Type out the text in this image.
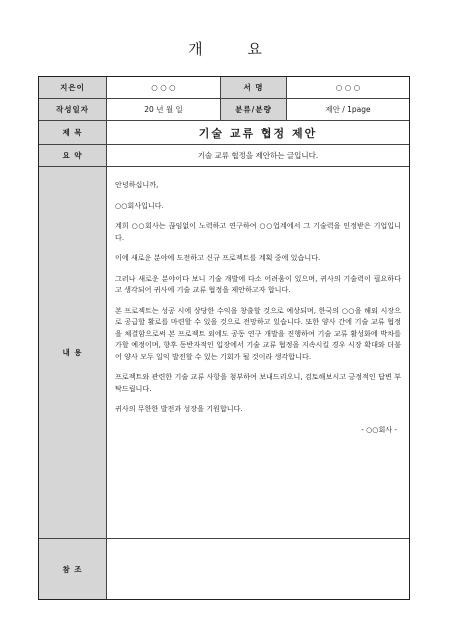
개 요
지은이	○ ○ ○	서 명	○ ○ ○
작성일자	20 년 월 일	분류/분량	제안 / 1page
제 목	기술 교류 협정 제안
요 약	기술 교류 협정을 제안하는 글입니다.
내 용

안녕하십니까,

○○회사입니다.

계희 ○○회사는 끊임없이 노력하고 연구하여 ○○업계에서 그 기술력을 인정받은 기업입니다.

이에 새로운 분야에 도전하고 신규 프로젝트를 계획 중에 있습니다.

그러나 새로운 분야이다 보니 기술 개발에 다소 어려움이 있으며, 귀사의 기술력이 필요하다고 생각되어 귀사에 기술 교류 협정을 제안하고자 합니다.

본 프로젝트는 성공 시에 상당한 수익을 창출할 것으로 예상되며, 한국의 ○○을 해외 시장으로 공급할 활로를 마련할 수 있을 것으로 전망하고 있습니다. 또한 양사 간에 기술 교류 협정을 체결함으로써 본 프로젝트 외에도 공동 연구 개발을 진행하여 기술 교류 활성화에 박차를 가할 예정이며, 향후 동반자적인 입장에서 기술 교류 협정을 지속시킬 경우 시장 확대와 더불어 양사 모두 일익 발전할 수 있는 기회가 될 것이라 생각합니다.

프로젝트와 관련한 기술 교류 사항을 첨부하여 보내드리오니, 검토해보시고 긍정적인 답변 부탁드립니다.

귀사의 무한한 발전과 성장을 기원합니다.

- ○○회사 -

참 조
